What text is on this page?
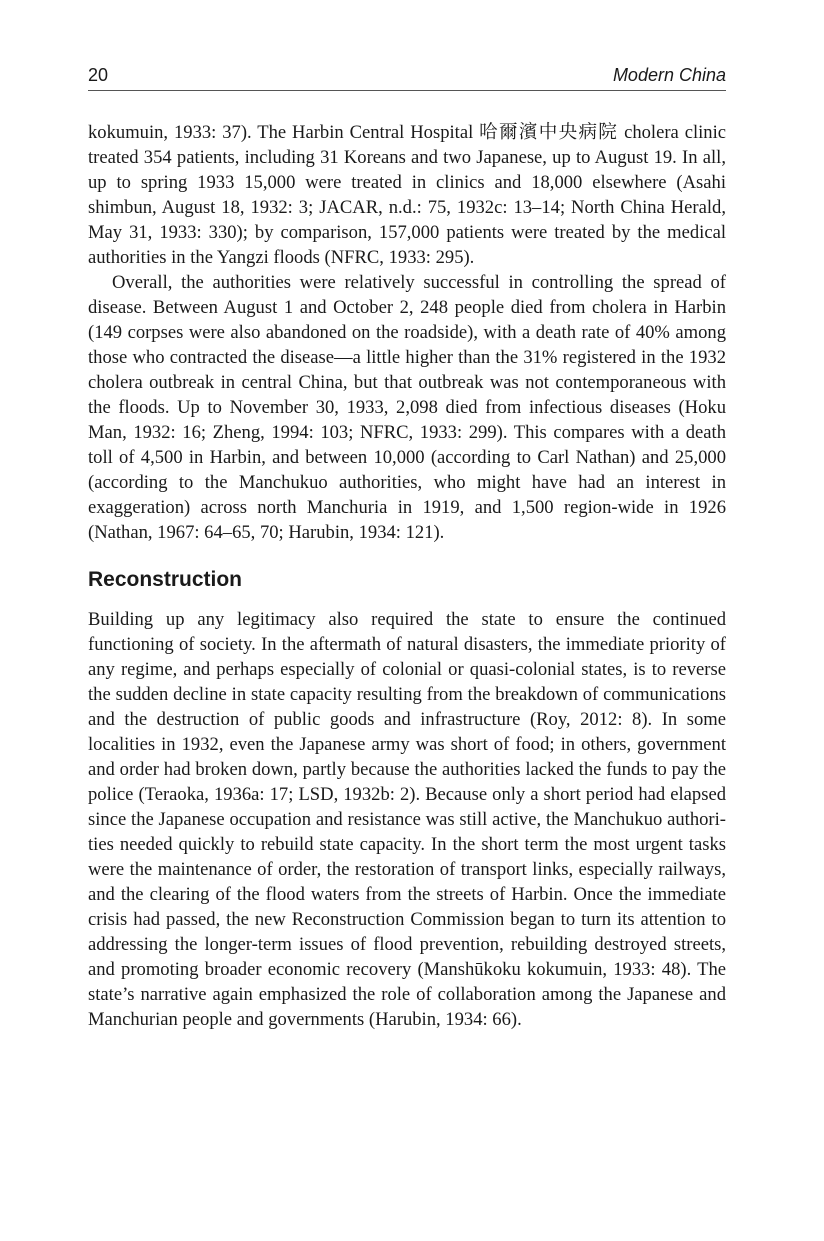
20	Modern China

kokumuin, 1933: 37). The Harbin Central Hospital 哈爾濱中央病院 cholera clinic treated 354 patients, including 31 Koreans and two Japanese, up to August 19. In all, up to spring 1933 15,000 were treated in clinics and 18,000 elsewhere (Asahi shimbun, August 18, 1932: 3; JACAR, n.d.: 75, 1932c: 13–14; North China Herald, May 31, 1933: 330); by comparison, 157,000 patients were treated by the medical authorities in the Yangzi floods (NFRC, 1933: 295).

Overall, the authorities were relatively successful in controlling the spread of disease. Between August 1 and October 2, 248 people died from cholera in Harbin (149 corpses were also abandoned on the roadside), with a death rate of 40% among those who contracted the disease—a little higher than the 31% registered in the 1932 cholera outbreak in central China, but that outbreak was not contemporaneous with the floods. Up to November 30, 1933, 2,098 died from infectious diseases (Hoku Man, 1932: 16; Zheng, 1994: 103; NFRC, 1933: 299). This compares with a death toll of 4,500 in Harbin, and between 10,000 (according to Carl Nathan) and 25,000 (according to the Manchukuo authorities, who might have had an interest in exaggeration) across north Manchuria in 1919, and 1,500 region-wide in 1926 (Nathan, 1967: 64–65, 70; Harubin, 1934: 121).

Reconstruction

Building up any legitimacy also required the state to ensure the continued functioning of society. In the aftermath of natural disasters, the immediate priority of any regime, and perhaps especially of colonial or quasi-colonial states, is to reverse the sudden decline in state capacity resulting from the breakdown of communications and the destruction of public goods and infrastructure (Roy, 2012: 8). In some localities in 1932, even the Japanese army was short of food; in others, government and order had broken down, partly because the authorities lacked the funds to pay the police (Teraoka, 1936a: 17; LSD, 1932b: 2). Because only a short period had elapsed since the Japanese occupation and resistance was still active, the Manchukuo authorities needed quickly to rebuild state capacity. In the short term the most urgent tasks were the maintenance of order, the restoration of transport links, especially railways, and the clearing of the flood waters from the streets of Harbin. Once the immediate crisis had passed, the new Reconstruction Commission began to turn its attention to addressing the longer-term issues of flood prevention, rebuilding destroyed streets, and promoting broader economic recovery (Manshūkoku kokumuin, 1933: 48). The state’s narrative again emphasized the role of collaboration among the Japanese and Manchurian people and governments (Harubin, 1934: 66).
